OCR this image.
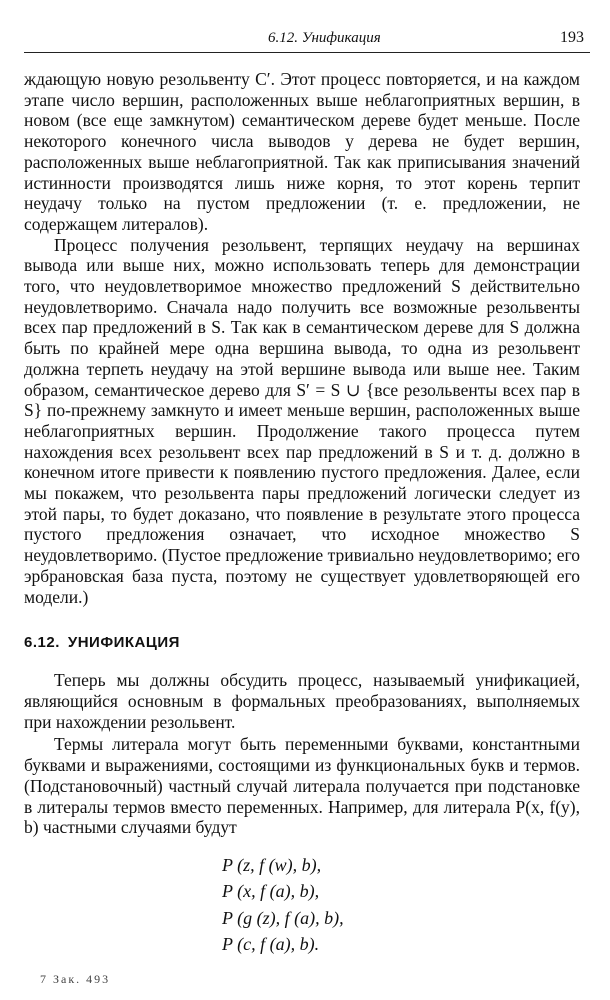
6.12. Унификация	193

ждающую новую резольвенту C′. Этот процесс повторяется, и на каждом этапе число вершин, расположенных выше неблагоприятных вершин, в новом (все еще замкнутом) семантическом дереве будет меньше. После некоторого конечного числа выводов у дерева не будет вершин, расположенных выше неблагоприятной. Так как приписывания значений истинности производятся лишь ниже корня, то этот корень терпит неудачу только на пустом предложении (т. е. предложении, не содержащем литералов).

Процесс получения резольвент, терпящих неудачу на вершинах вывода или выше них, можно использовать теперь для демонстрации того, что неудовлетворимое множество предложений S действительно неудовлетворимо. Сначала надо получить все возможные резольвенты всех пар предложений в S. Так как в семантическом дереве для S должна быть по крайней мере одна вершина вывода, то одна из резольвент должна терпеть неудачу на этой вершине вывода или выше нее. Таким образом, семантическое дерево для S′ = S ∪ {все резольвенты всех пар в S} по-прежнему замкнуто и имеет меньше вершин, расположенных выше неблагоприятных вершин. Продолжение такого процесса путем нахождения всех резольвент всех пар предложений в S и т. д. должно в конечном итоге привести к появлению пустого предложения. Далее, если мы покажем, что резольвента пары предложений логически следует из этой пары, то будет доказано, что появление в результате этого процесса пустого предложения означает, что исходное множество S неудовлетворимо. (Пустое предложение тривиально неудовлетворимо; его эрбрановская база пуста, поэтому не существует удовлетворяющей его модели.)

6.12. УНИФИКАЦИЯ

Теперь мы должны обсудить процесс, называемый унификацией, являющийся основным в формальных преобразованиях, выполняемых при нахождении резольвент.

Термы литерала могут быть переменными буквами, константными буквами и выражениями, состоящими из функциональных букв и термов. (Подстановочный) частный случай литерала получается при подстановке в литералы термов вместо переменных. Например, для литерала P(x, f(y), b) частными случаями будут

P (z, f (w), b),
P (x, f (a), b),
P (g (z), f (a), b),
P (c, f (a), b).
7 Зак. 493
